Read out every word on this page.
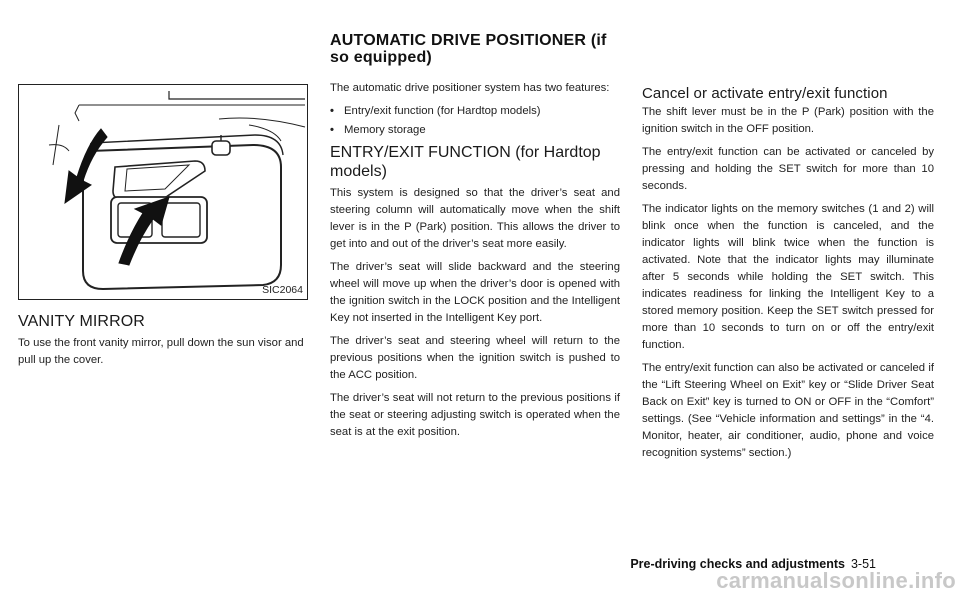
SIC2064
VANITY MIRROR

To use the front vanity mirror, pull down the sun visor and pull up the cover.

AUTOMATIC DRIVE POSITIONER (if so equipped)

The automatic drive positioner system has two features:

• Entry/exit function (for Hardtop models)
• Memory storage
ENTRY/EXIT FUNCTION (for Hardtop models)

This system is designed so that the driver’s seat and steering column will automatically move when the shift lever is in the P (Park) position. This allows the driver to get into and out of the driver’s seat more easily.

The driver’s seat will slide backward and the steering wheel will move up when the driver’s door is opened with the ignition switch in the LOCK position and the Intelligent Key not inserted in the Intelligent Key port.

The driver’s seat and steering wheel will return to the previous positions when the ignition switch is pushed to the ACC position.

The driver’s seat will not return to the previous positions if the seat or steering adjusting switch is operated when the seat is at the exit position.

Cancel or activate entry/exit function

The shift lever must be in the P (Park) position with the ignition switch in the OFF position.

The entry/exit function can be activated or canceled by pressing and holding the SET switch for more than 10 seconds.

The indicator lights on the memory switches (1 and 2) will blink once when the function is canceled, and the indicator lights will blink twice when the function is activated. Note that the indicator lights may illuminate after 5 seconds while holding the SET switch. This indicates readiness for linking the Intelligent Key to a stored memory position. Keep the SET switch pressed for more than 10 seconds to turn on or off the entry/exit function.

The entry/exit function can also be activated or canceled if the “Lift Steering Wheel on Exit” key or “Slide Driver Seat Back on Exit” key is turned to ON or OFF in the “Comfort” settings. (See “Vehicle information and settings” in the “4. Monitor, heater, air conditioner, audio, phone and voice recognition systems” section.)

Pre-driving checks and adjustments 3-51
carmanualsonline.info
